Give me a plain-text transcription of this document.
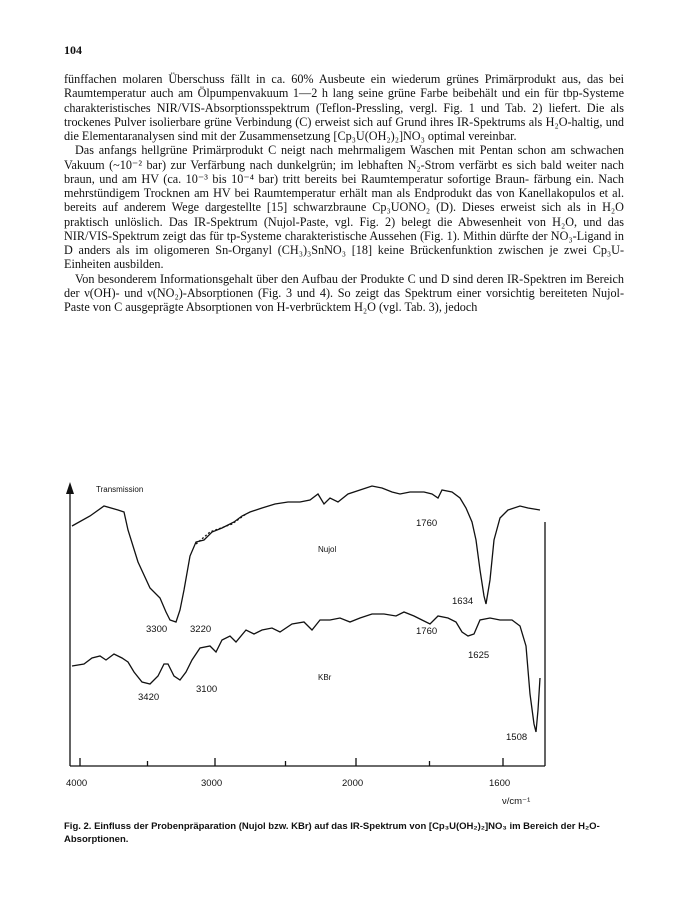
104

fünffachen molaren Überschuss fällt in ca. 60% Ausbeute ein wiederum grünes Primärprodukt aus, das bei Raumtemperatur auch am Ölpumpenvakuum 1—2 h lang seine grüne Farbe beibehält und ein für tbp-Systeme charakteristisches NIR/VIS-Absorptionsspektrum (Teflon-Pressling, vergl. Fig. 1 und Tab. 2) liefert. Die als trockenes Pulver isolierbare grüne Verbindung (C) erweist sich auf Grund ihres IR-Spektrums als H₂O-haltig, und die Elementaranalysen sind mit der Zusammensetzung [Cp₃U(OH₂)₂]NO₃ optimal vereinbar.

Das anfangs hellgrüne Primärprodukt C neigt nach mehrmaligem Waschen mit Pentan schon am schwachen Vakuum (~10⁻² bar) zur Verfärbung nach dunkelgrün; im lebhaften N₂-Strom verfärbt es sich bald weiter nach braun, und am HV (ca. 10⁻³ bis 10⁻⁴ bar) tritt bereits bei Raumtemperatur sofortige Braun- färbung ein. Nach mehrstündigem Trocknen am HV bei Raumtemperatur erhält man als Endprodukt das von Kanellakopulos et al. bereits auf anderem Wege dargestellte [15] schwarzbraune Cp₃UONO₂ (D). Dieses erweist sich als in H₂O praktisch unlöslich. Das IR-Spektrum (Nujol-Paste, vgl. Fig. 2) belegt die Abwesenheit von H₂O, und das NIR/VIS-Spektrum zeigt das für tp-Systeme charakteristische Aussehen (Fig. 1). Mithin dürfte der NO₃-Ligand in D anders als im oligomeren Sn-Organyl (CH₃)₃SnNO₃ [18] keine Brückenfunktion zwischen je zwei Cp₃U-Einheiten ausbilden.

Von besonderem Informationsgehalt über den Aufbau der Produkte C und D sind deren IR-Spektren im Bereich der ν(OH)- und ν(NO₂)-Absorptionen (Fig. 3 und 4). So zeigt das Spektrum einer vorsichtig bereiteten Nujol-Paste von C ausgeprägte Absorptionen von H-verbrücktem H₂O (vgl. Tab. 3), jedoch

4000	3000	2000	1600
Transmission
ν/cm⁻¹
Nujol
KBr
3300 3220
1760
1634
3420
3100
1760
1625
1508
Fig. 2. Einfluss der Probenpräparation (Nujol bzw. KBr) auf das IR-Spektrum von [Cp₃U(OH₂)₂]NO₃ im Bereich der H₂O-Absorptionen.
